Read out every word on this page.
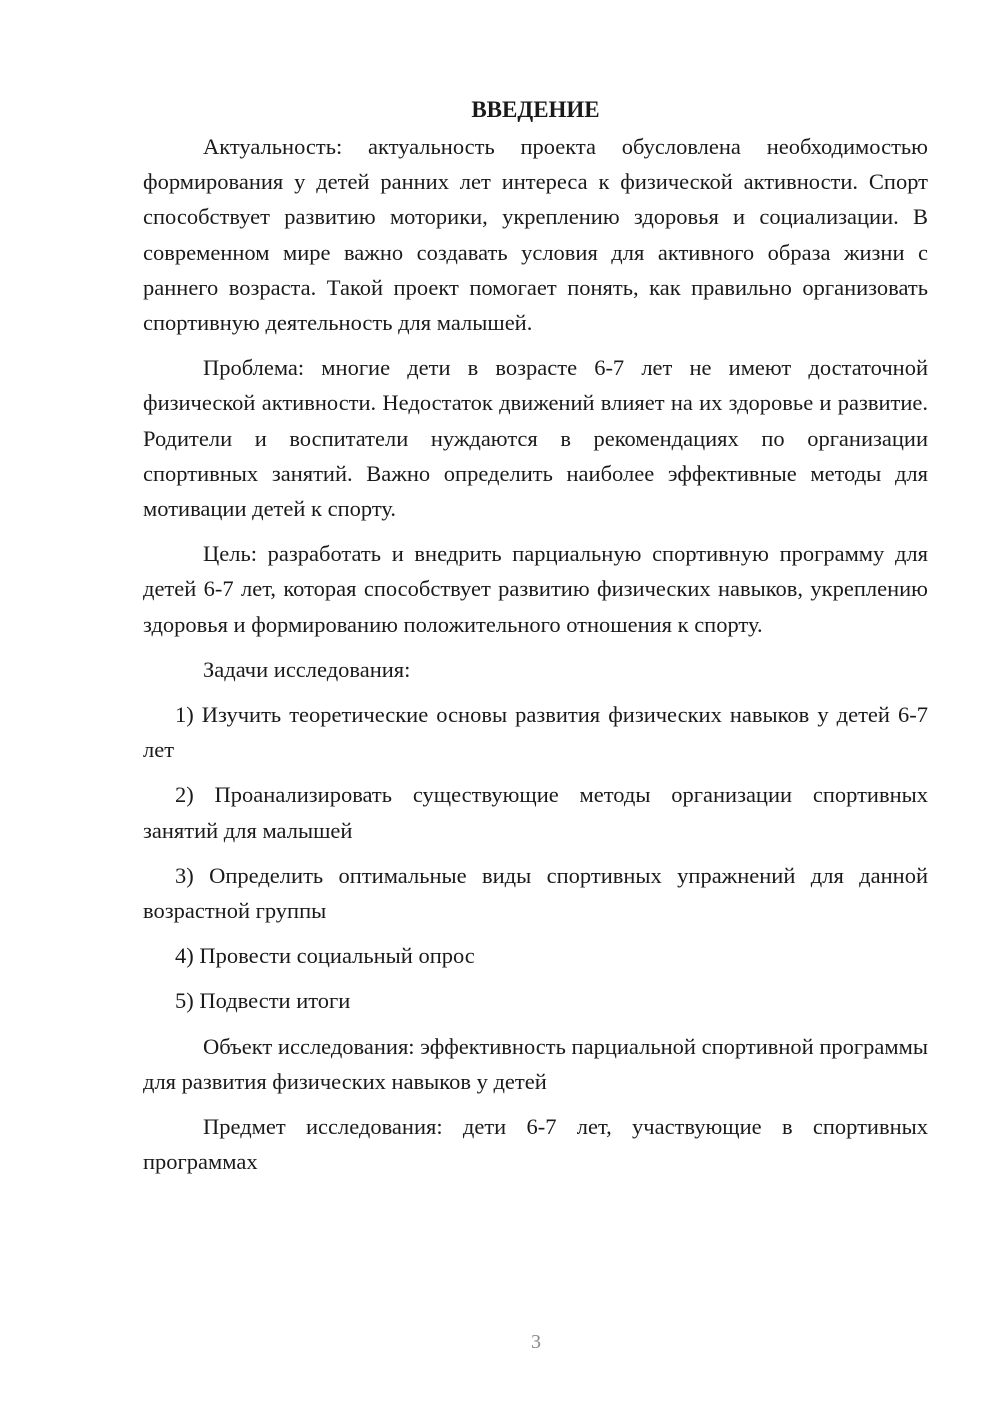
ВВЕДЕНИЕ

Актуальность: актуальность проекта обусловлена необходимостью формирования у детей ранних лет интереса к физической активности. Спорт способствует развитию моторики, укреплению здоровья и социализации. В современном мире важно создавать условия для активного образа жизни с раннего возраста. Такой проект помогает понять, как правильно организовать спортивную деятельность для малышей.

Проблема: многие дети в возрасте 6-7 лет не имеют достаточной физической активности. Недостаток движений влияет на их здоровье и развитие. Родители и воспитатели нуждаются в рекомендациях по организации спортивных занятий. Важно определить наиболее эффективные методы для мотивации детей к спорту.

Цель: разработать и внедрить парциальную спортивную программу для детей 6-7 лет, которая способствует развитию физических навыков, укреплению здоровья и формированию положительного отношения к спорту.

Задачи исследования:

1) Изучить теоретические основы развития физических навыков у детей 6-7 лет

2) Проанализировать существующие методы организации спортивных занятий для малышей

3) Определить оптимальные виды спортивных упражнений для данной возрастной группы

4) Провести социальный опрос

5) Подвести итоги

Объект исследования: эффективность парциальной спортивной программы для развития физических навыков у детей

Предмет исследования: дети 6-7 лет, участвующие в спортивных программах

3
